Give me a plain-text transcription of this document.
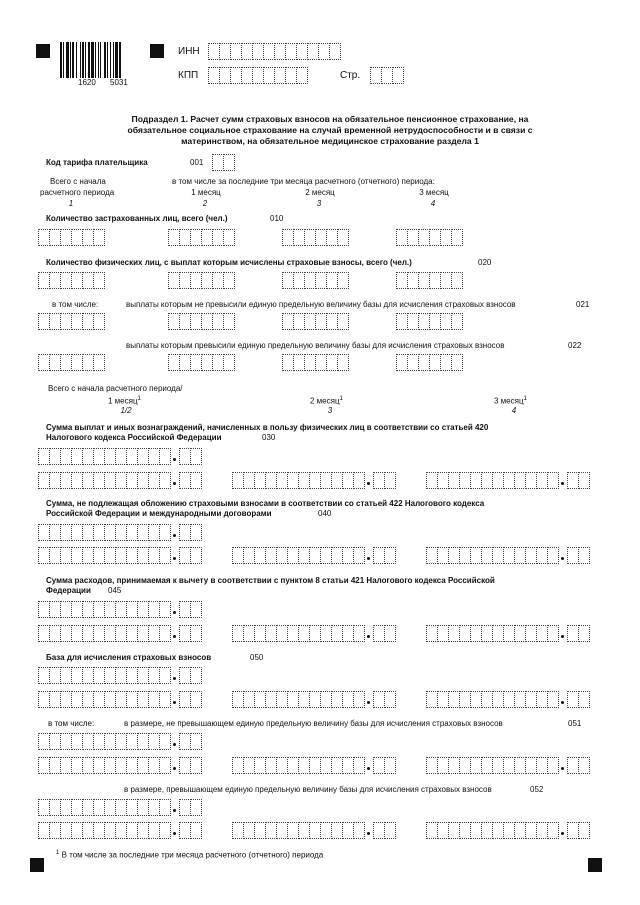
1620 5031
ИНН
КПП	Стр.
Подраздел 1. Расчет сумм страховых взносов на обязательное пенсионное страхование, на
обязательное социальное страхование на случай временной нетрудоспособности и в связи с
материнством, на обязательное медицинское страхование раздела 1
Код тарифа плательщика	001
Всего с начала
расчетного периода
1
в том числе за последние три месяца расчетного (отчетного) периода:
1 месяц	2 месяц	3 месяц
2	3	4
Количество застрахованных лиц, всего (чел.)	010
Количество физических лиц, с выплат которым исчислены страховые взносы, всего (чел.)	020
в том числе:	выплаты которым не превысили единую предельную величину базы для исчисления страховых взносов	021
выплаты которым превысили единую предельную величину базы для исчисления страховых взносов	022
Всего с начала расчетного периода/
1 месяц$^1$
1/2
2 месяц$^1$
3
3 месяц$^1$
4
Сумма выплат и иных вознаграждений, начисленных в пользу физических лиц в соответствии со статьей 420
Налогового кодекса Российской Федерации	030
Сумма, не подлежащая обложению страховыми взносами в соответствии со статьей 422 Налогового кодекса
Российской Федерации и международными договорами	040
Сумма расходов, принимаемая к вычету в соответствии с пунктом 8 статьи 421 Налогового кодекса Российской
Федерации 045
База для исчисления страховых взносов	050
в том числе:	в размере, не превышающем единую предельную величину базы для исчисления страховых взносов	051
в размере, превышающем единую предельную величину базы для исчисления страховых взносов	052
$^1$ В том числе за последние три месяца расчетного (отчетного) периода
